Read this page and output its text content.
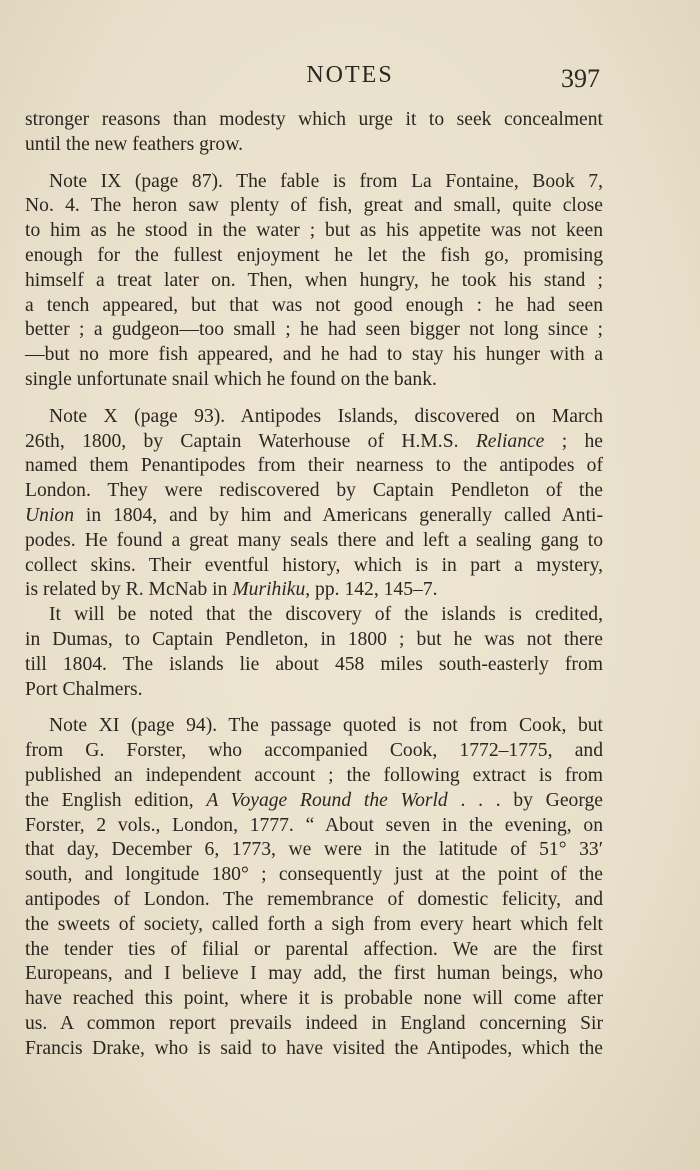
NOTES	397

stronger reasons than modesty which urge it to seek concealment
until the new feathers grow.

Note IX (page 87). The fable is from La Fontaine, Book 7,
No. 4. The heron saw plenty of fish, great and small, quite close
to him as he stood in the water ; but as his appetite was not keen
enough for the fullest enjoyment he let the fish go, promising
himself a treat later on. Then, when hungry, he took his stand ;
a tench appeared, but that was not good enough : he had seen
better ; a gudgeon—too small ; he had seen bigger not long since ;
—but no more fish appeared, and he had to stay his hunger with a
single unfortunate snail which he found on the bank.

Note X (page 93). Antipodes Islands, discovered on March
26th, 1800, by Captain Waterhouse of H.M.S. Reliance ; he
named them Penantipodes from their nearness to the antipodes of
London. They were rediscovered by Captain Pendleton of the
Union in 1804, and by him and Americans generally called Anti-
podes. He found a great many seals there and left a sealing gang to
collect skins. Their eventful history, which is in part a mystery,
is related by R. McNab in Murihiku, pp. 142, 145–7.

It will be noted that the discovery of the islands is credited,
in Dumas, to Captain Pendleton, in 1800 ; but he was not there
till 1804. The islands lie about 458 miles south-easterly from
Port Chalmers.

Note XI (page 94). The passage quoted is not from Cook, but
from G. Forster, who accompanied Cook, 1772–1775, and
published an independent account ; the following extract is from
the English edition, A Voyage Round the World . . . by George
Forster, 2 vols., London, 1777. “ About seven in the evening, on
that day, December 6, 1773, we were in the latitude of 51° 33′
south, and longitude 180° ; consequently just at the point of the
antipodes of London. The remembrance of domestic felicity, and
the sweets of society, called forth a sigh from every heart which felt
the tender ties of filial or parental affection. We are the first
Europeans, and I believe I may add, the first human beings, who
have reached this point, where it is probable none will come after
us. A common report prevails indeed in England concerning Sir
Francis Drake, who is said to have visited the Antipodes, which the
